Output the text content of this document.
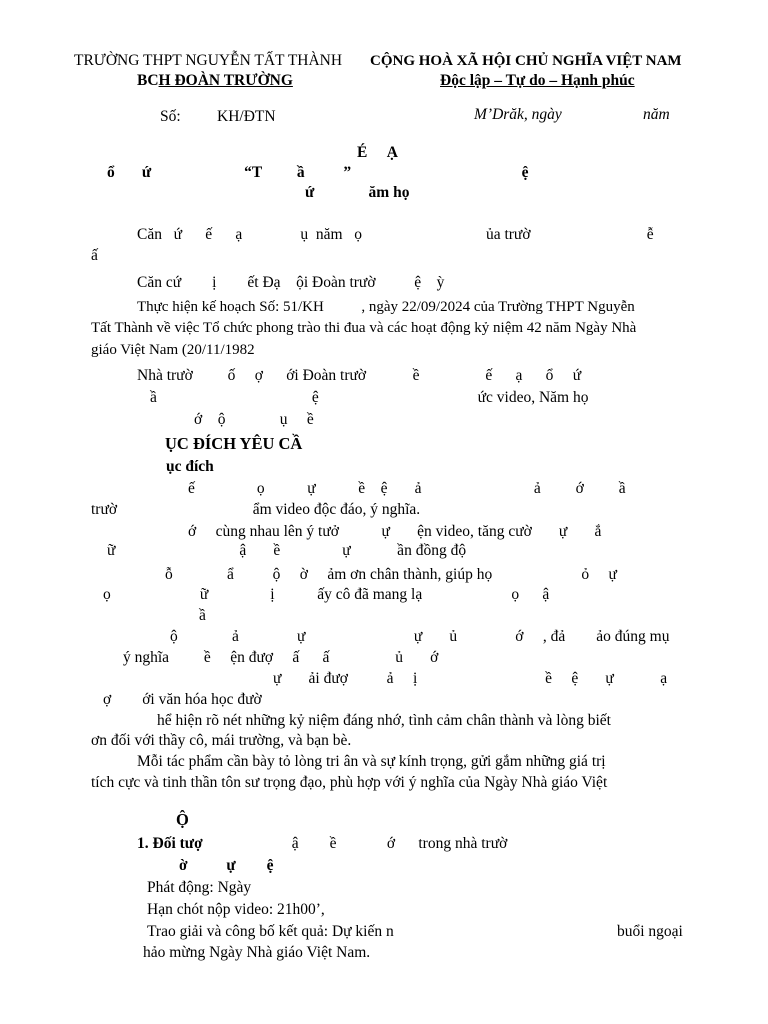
TRƯỜNG THPT NGUYỄN TẤT THÀNH CỘNG HOÀ XÃ HỘI CHỦ NGHĨA VIỆT NAM
BCH ĐOÀN TRƯỜNG	Độc lập – Tự do – Hạnh phúc
Số: KH/ĐTN	M’Drăk, ngày	năm
É     Ạ
ổ       ứ                        “T         ầ          ”                                            ệ
ứ              ăm họ
Căn   ứ      ế      ạ               ụ  năm   ọ                                ủa trườ                              ễ
ấ
Căn cứ        ị        ết Đạ    ội Đoàn trườ          ệ    ỳ
Thực hiện kế hoạch Số: 51/KH          , ngày 22/09/2024 của Trường THPT Nguyễn
Tất Thành về việc Tổ chức phong trào thi đua và các hoạt động kỷ niệm 42 năm Ngày Nhà
giáo Việt Nam (20/11/1982
Nhà trườ         ố     ợ      ới Đoàn trườ            ề                 ế      ạ      ổ     ứ
ầ                                        ệ                                         ức video, Năm họ
ớ    ộ              ụ     ề
ỤC ĐÍCH YÊU CẦ
ục đích
ế                ọ           ự           ề    ệ       ả                             ả         ớ         ầ
trườ                                   ẩm video độc đáo, ý nghĩa.
ớ     cùng nhau lên ý tưở           ự       ện video, tăng cườ       ự       ắ
ữ                                ậ       ề                ự            ần đồng độ
ỗ              ẩ          ộ     ờ     ảm ơn chân thành, giúp họ                       ỏ     ự
ọ                       ữ                ị           ấy cô đã mang lạ                       ọ      ậ
ầ
ộ              ả               ự                            ự       ủ               ớ     , đả        ảo đúng mụ
ý nghĩa         ề     ện đượ     ấ      ấ                 ủ       ớ
ự       ải đượ          ả     ị                                 ề     ệ       ự            ạ
ợ        ới văn hóa học đườ
hể hiện rõ nét những kỷ niệm đáng nhớ, tình cảm chân thành và lòng biết
ơn đối với thầy cô, mái trường, và bạn bè.
Mỗi tác phẩm cần bày tỏ lòng tri ân và sự kính trọng, gửi gắm những giá trị
tích cực và tinh thần tôn sư trọng đạo, phù hợp với ý nghĩa của Ngày Nhà giáo Việt
Ộ
1. Đối tượ                       ậ        ề             ớ      trong nhà trườ
ờ          ự        ệ
Phát động: Ngày
Hạn chót nộp video: 21h00’,
Trao giải và công bố kết quả: Dự kiến n	buổi ngoại
hảo mừng Ngày Nhà giáo Việt Nam.
